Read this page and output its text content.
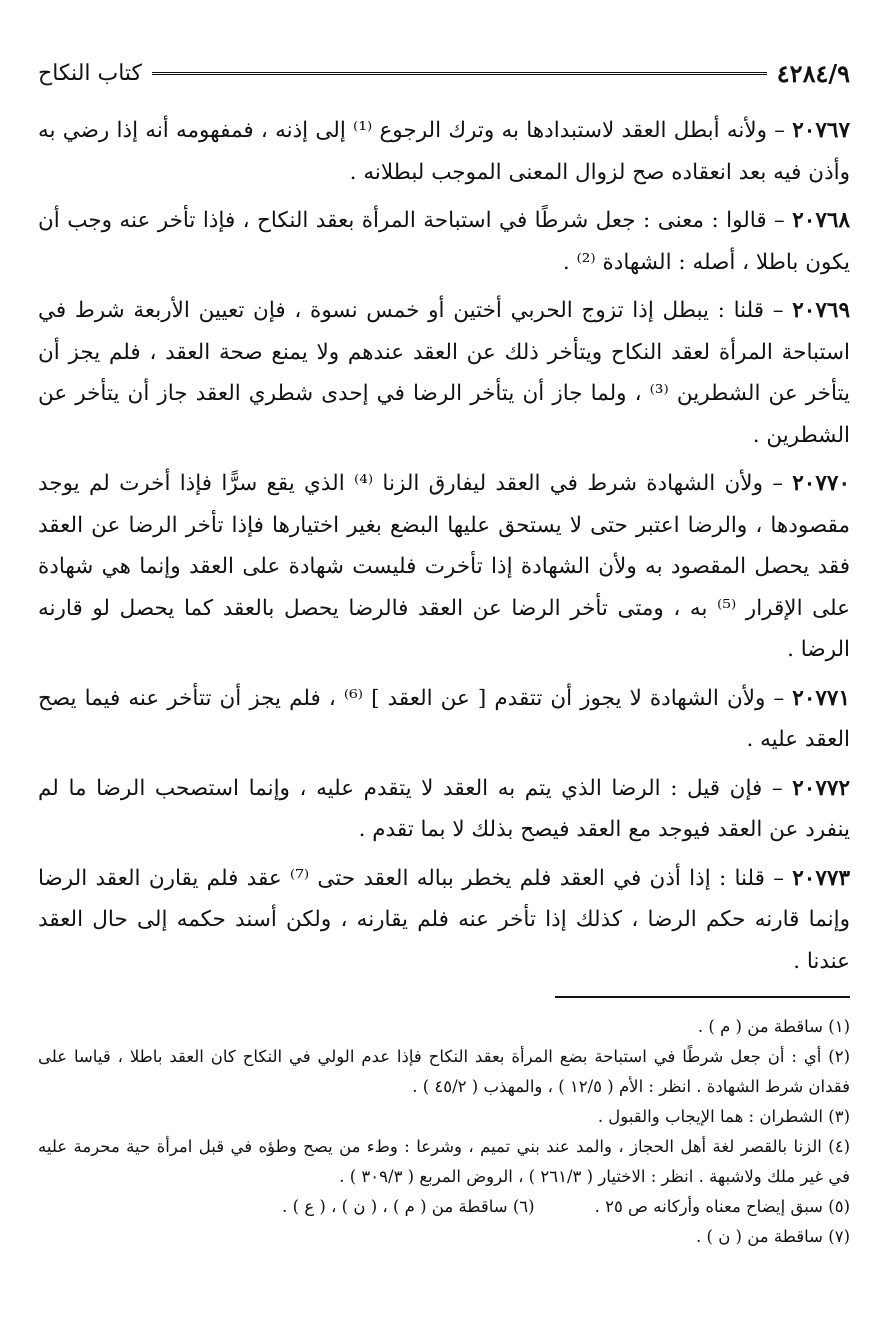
٤٢٨٤/٩
كتاب النكاح

٢٠٧٦٧ – ولأنه أبطل العقد لاستبدادها به وترك الرجوع ⁽¹⁾ إلى إذنه ، فمفهومه أنه إذا رضي به وأذن فيه بعد انعقاده صح لزوال المعنى الموجب لبطلانه .

٢٠٧٦٨ – قالوا : معنى : جعل شرطًا في استباحة المرأة بعقد النكاح ، فإذا تأخر عنه وجب أن يكون باطلا ، أصله : الشهادة ⁽²⁾ .

٢٠٧٦٩ – قلنا : يبطل إذا تزوج الحربي أختين أو خمس نسوة ، فإن تعيين الأربعة شرط في استباحة المرأة لعقد النكاح ويتأخر ذلك عن العقد عندهم ولا يمنع صحة العقد ، فلم يجز أن يتأخر عن الشطرين ⁽³⁾ ، ولما جاز أن يتأخر الرضا في إحدى شطري العقد جاز أن يتأخر عن الشطرين .

٢٠٧٧٠ – ولأن الشهادة شرط في العقد ليفارق الزنا ⁽⁴⁾ الذي يقع سرًّا فإذا أخرت لم يوجد مقصودها ، والرضا اعتبر حتى لا يستحق عليها البضع بغير اختيارها فإذا تأخر الرضا عن العقد فقد يحصل المقصود به ولأن الشهادة إذا تأخرت فليست شهادة على العقد وإنما هي شهادة على الإقرار ⁽⁵⁾ به ، ومتى تأخر الرضا عن العقد فالرضا يحصل بالعقد كما يحصل لو قارنه الرضا .

٢٠٧٧١ – ولأن الشهادة لا يجوز أن تتقدم [ عن العقد ] ⁽⁶⁾ ، فلم يجز أن تتأخر عنه فيما يصح العقد عليه .

٢٠٧٧٢ – فإن قيل : الرضا الذي يتم به العقد لا يتقدم عليه ، وإنما استصحب الرضا ما لم ينفرد عن العقد فيوجد مع العقد فيصح بذلك لا بما تقدم .

٢٠٧٧٣ – قلنا : إذا أذن في العقد فلم يخطر بباله العقد حتى ⁽⁷⁾ عقد فلم يقارن العقد الرضا وإنما قارنه حكم الرضا ، كذلك إذا تأخر عنه فلم يقارنه ، ولكن أسند حكمه إلى حال العقد عندنا .

(١) ساقطة من ( م ) .

(٢) أي : أن جعل شرطًا في استباحة بضع المرأة بعقد النكاح فإذا عدم الولي في النكاح كان العقد باطلا ، قياسا على فقدان شرط الشهادة . انظر : الأم ( ١٢/٥ ) ، والمهذب ( ٤٥/٢ ) .

(٣) الشطران : هما الإيجاب والقبول .

(٤) الزنا بالقصر لغة أهل الحجاز ، والمد عند بني تميم ، وشرعا : وطء من يصح وطؤه في قبل امرأة حية محرمة عليه في غير ملك ولاشبهة . انظر : الاختيار ( ٢٦١/٣ ) ، الروض المربع ( ٣٠٩/٣ ) .

(٥) سبق إيضاح معناه وأركانه ص ٢٥ .

(٦) ساقطة من ( م ) ، ( ن ) ، ( ع ) .

(٧) ساقطة من ( ن ) .
